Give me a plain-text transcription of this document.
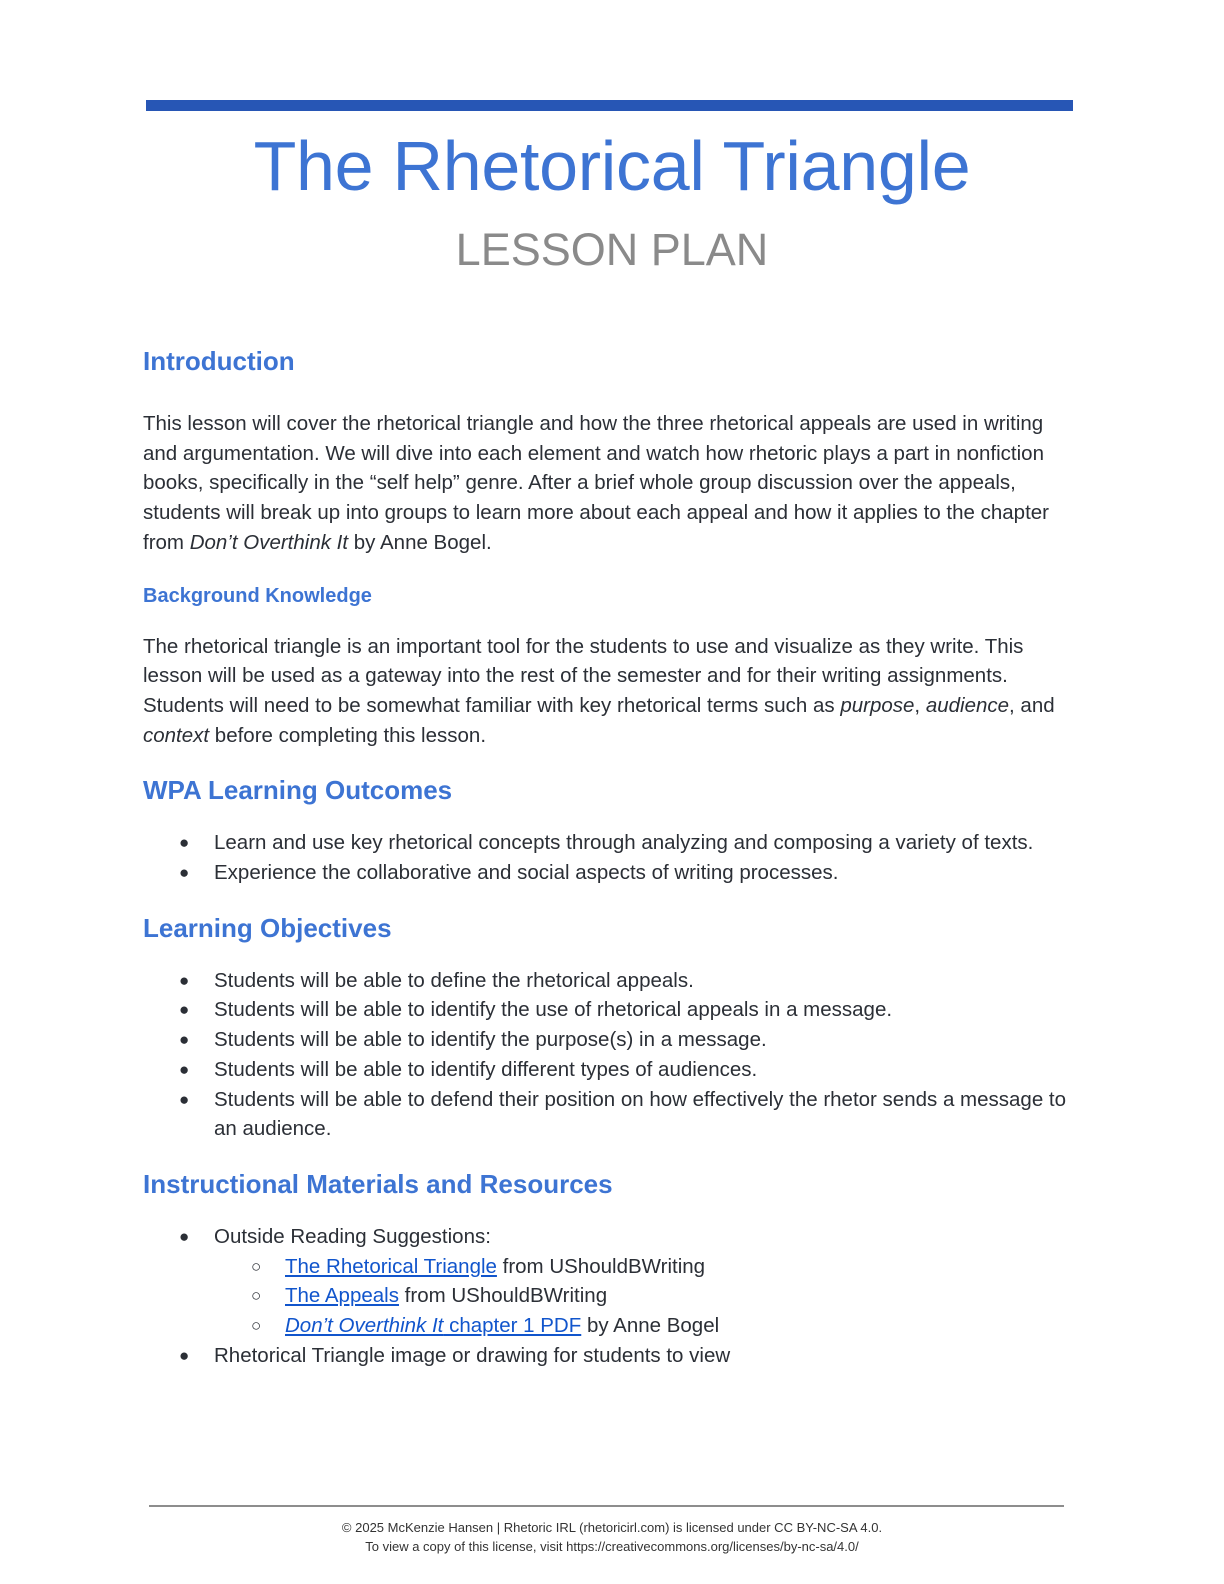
The Rhetorical Triangle
LESSON PLAN
Introduction

This lesson will cover the rhetorical triangle and how the three rhetorical appeals are used in writing and argumentation. We will dive into each element and watch how rhetoric plays a part in nonfiction books, specifically in the “self help” genre. After a brief whole group discussion over the appeals, students will break up into groups to learn more about each appeal and how it applies to the chapter from Don’t Overthink It by Anne Bogel.

Background Knowledge

The rhetorical triangle is an important tool for the students to use and visualize as they write. This lesson will be used as a gateway into the rest of the semester and for their writing assignments. Students will need to be somewhat familiar with key rhetorical terms such as purpose, audience, and context before completing this lesson.

WPA Learning Outcomes
● Learn and use key rhetorical concepts through analyzing and composing a variety of texts.
● Experience the collaborative and social aspects of writing processes.
Learning Objectives
● Students will be able to define the rhetorical appeals.
● Students will be able to identify the use of rhetorical appeals in a message.
● Students will be able to identify the purpose(s) in a message.
● Students will be able to identify different types of audiences.
● Students will be able to defend their position on how effectively the rhetor sends a message to an audience.
Instructional Materials and Resources
● Outside Reading Suggestions:
○ The Rhetorical Triangle from UShouldBWriting
○ The Appeals from UShouldBWriting
○ Don’t Overthink It chapter 1 PDF by Anne Bogel
● Rhetorical Triangle image or drawing for students to view
© 2025 McKenzie Hansen | Rhetoric IRL (rhetoricirl.com) is licensed under CC BY-NC-SA 4.0.
To view a copy of this license, visit https://creativecommons.org/licenses/by-nc-sa/4.0/
